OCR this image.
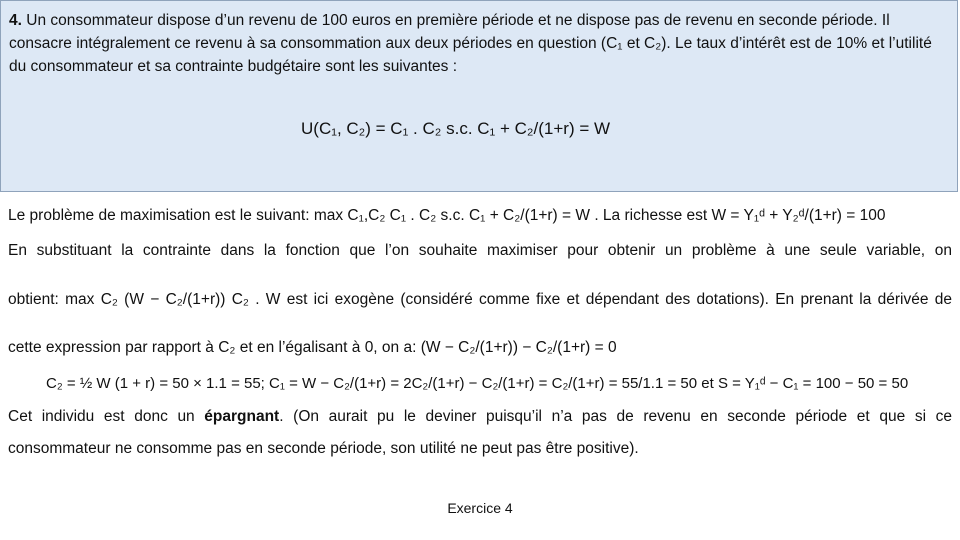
4. Un consommateur dispose d’un revenu de 100 euros en première période et ne dispose pas de revenu en seconde période. Il consacre intégralement ce revenu à sa consommation aux deux périodes en question (C₁ et C₂). Le taux d’intérêt est de 10% et l’utilité du consommateur et sa contrainte budgétaire sont les suivantes :
U(C₁, C₂) = C₁ . C₂ s.c. C₁ + C₂/(1+r) = W
Le problème de maximisation est le suivant: max C₁,C₂ C₁ . C₂ s.c. C₁ + C₂/(1+r) = W . La richesse est W = Y₁ᵈ + Y₂ᵈ/(1+r) = 100
En substituant la contrainte dans la fonction que l’on souhaite maximiser pour obtenir un problème à une seule variable, on
obtient: max C₂ (W − C₂/(1+r)) C₂ . W est ici exogène (considéré comme fixe et dépendant des dotations). En prenant la dérivée de
cette expression par rapport à C₂ et en l’égalisant à 0, on a: (W − C₂/(1+r)) − C₂/(1+r) = 0
C₂ = ½ W (1 + r) = 50 × 1.1 = 55; C₁ = W − C₂/(1+r) = 2C₂/(1+r) − C₂/(1+r) = C₂/(1+r) = 55/1.1 = 50 et S = Y₁ᵈ − C₁ = 100 − 50 = 50
Cet individu est donc un épargnant. (On aurait pu le deviner puisqu’il n’a pas de revenu en seconde période et que si ce
consommateur ne consomme pas en seconde période, son utilité ne peut pas être positive).
Exercice 4
